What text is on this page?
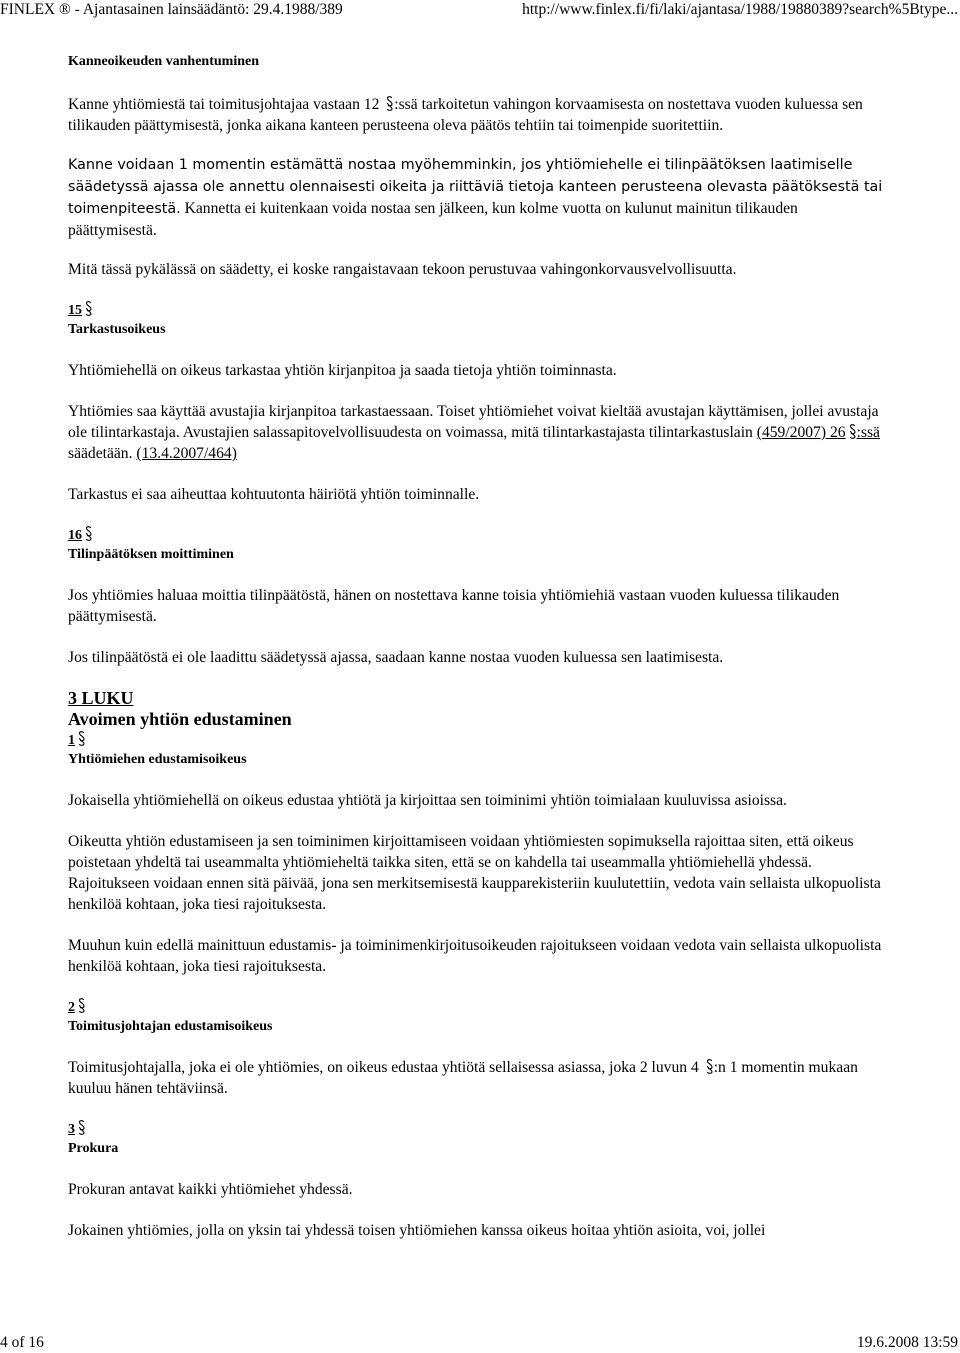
FINLEX ® - Ajantasainen lainsäädäntö: 29.4.1988/389	http://www.finlex.fi/fi/laki/ajantasa/1988/19880389?search%5Btype...

Kanneoikeuden vanhentuminen

Kanne yhtiömiestä tai toimitusjohtajaa vastaan 12 :ssä tarkoitetun vahingon korvaamisesta on nostettava vuoden kuluessa sen tilikauden päättymisestä, jonka aikana kanteen perusteena oleva päätös tehtiin tai toimenpide suoritettiin.

Kanne voidaan 1 momentin estämättä nostaa myöhemminkin, jos yhtiömiehelle ei tilinpäätöksen laatimiselle säädetyssä ajassa ole annettu olennaisesti oikeita ja riittäviä tietoja kanteen perusteena olevasta päätöksestä tai toimenpiteestä. Kannetta ei kuitenkaan voida nostaa sen jälkeen, kun kolme vuotta on kulunut mainitun tilikauden päättymisestä.

Mitä tässä pykälässä on säädetty, ei koske rangaistavaan tekoon perustuvaa vahingonkorvausvelvollisuutta.

15

Tarkastusoikeus

Yhtiömiehellä on oikeus tarkastaa yhtiön kirjanpitoa ja saada tietoja yhtiön toiminnasta.

Yhtiömies saa käyttää avustajia kirjanpitoa tarkastaessaan. Toiset yhtiömiehet voivat kieltää avustajan käyttämisen, jollei avustaja ole tilintarkastaja. Avustajien salassapitovelvollisuudesta on voimassa, mitä tilintarkastajasta tilintarkastuslain (459/2007) 26 :ssä säädetään. (13.4.2007/464)

Tarkastus ei saa aiheuttaa kohtuutonta häiriötä yhtiön toiminnalle.

16

Tilinpäätöksen moittiminen

Jos yhtiömies haluaa moittia tilinpäätöstä, hänen on nostettava kanne toisia yhtiömiehiä vastaan vuoden kuluessa tilikauden päättymisestä.

Jos tilinpäätöstä ei ole laadittu säädetyssä ajassa, saadaan kanne nostaa vuoden kuluessa sen laatimisesta.

3 LUKU

Avoimen yhtiön edustaminen

1

Yhtiömiehen edustamisoikeus

Jokaisella yhtiömiehellä on oikeus edustaa yhtiötä ja kirjoittaa sen toiminimi yhtiön toimialaan kuuluvissa asioissa.

Oikeutta yhtiön edustamiseen ja sen toiminimen kirjoittamiseen voidaan yhtiömiesten sopimuksella rajoittaa siten, että oikeus poistetaan yhdeltä tai useammalta yhtiömieheltä taikka siten, että se on kahdella tai useammalla yhtiömiehellä yhdessä. Rajoitukseen voidaan ennen sitä päivää, jona sen merkitsemisestä kaupparekisteriin kuulutettiin, vedota vain sellaista ulkopuolista henkilöä kohtaan, joka tiesi rajoituksesta.

Muuhun kuin edellä mainittuun edustamis- ja toiminimenkirjoitusoikeuden rajoitukseen voidaan vedota vain sellaista ulkopuolista henkilöä kohtaan, joka tiesi rajoituksesta.

2

Toimitusjohtajan edustamisoikeus

Toimitusjohtajalla, joka ei ole yhtiömies, on oikeus edustaa yhtiötä sellaisessa asiassa, joka 2 luvun 4 :n 1 momentin mukaan kuuluu hänen tehtäviinsä.

3

Prokura

Prokuran antavat kaikki yhtiömiehet yhdessä.

Jokainen yhtiömies, jolla on yksin tai yhdessä toisen yhtiömiehen kanssa oikeus hoitaa yhtiön asioita, voi, jollei

4 of 16	19.6.2008 13:59
